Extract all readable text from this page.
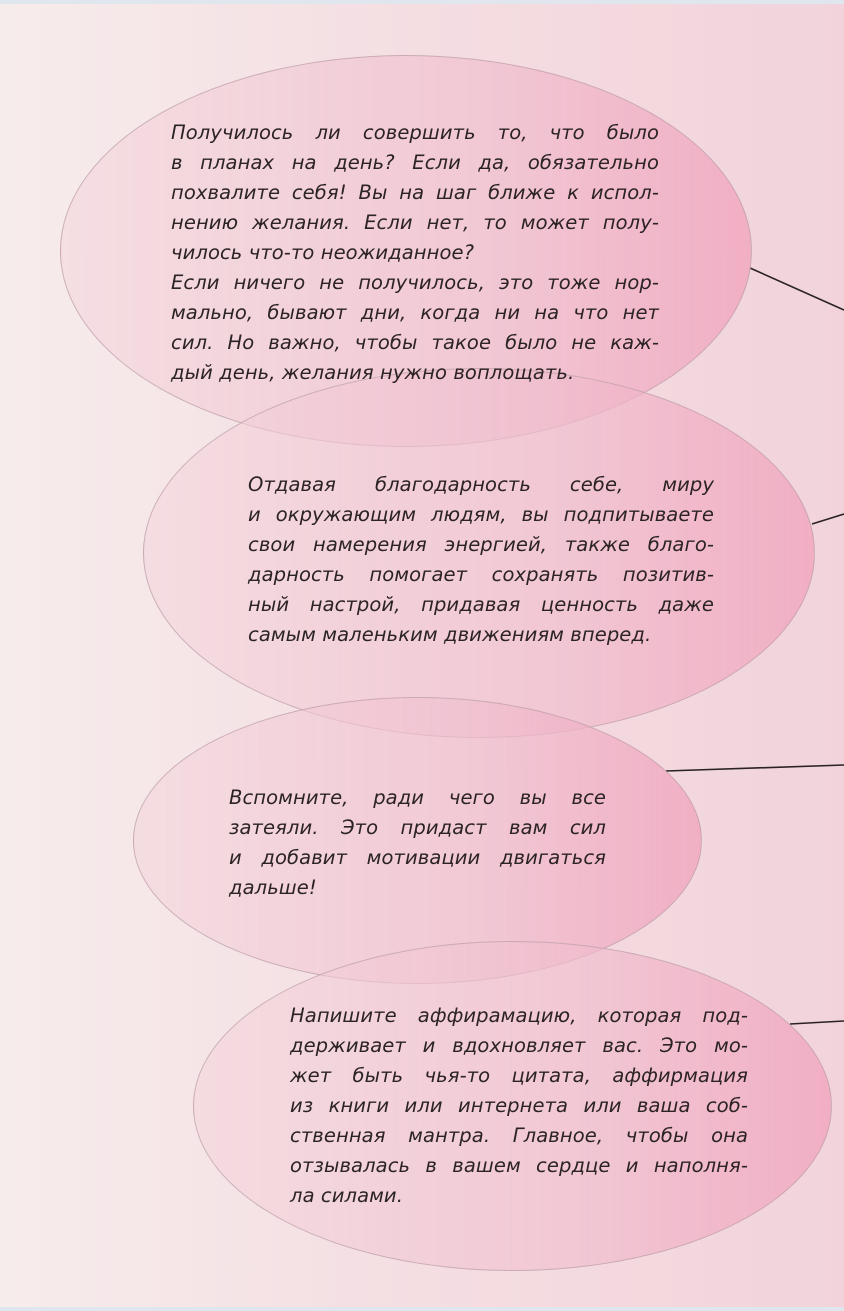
Получилось ли совершить то, что было
в планах на день? Если да, обязательно
похвалите себя! Вы на шаг ближе к испол-
нению желания. Если нет, то может полу-
чилось что-то неожиданное?
Если ничего не получилось, это тоже нор-
мально, бывают дни, когда ни на что нет
сил. Но важно, чтобы такое было не каж-
дый день, желания нужно воплощать.
Отдавая благодарность себе, миру
и окружающим людям, вы подпитываете
свои намерения энергией, также благо-
дарность помогает сохранять позитив-
ный настрой, придавая ценность даже
самым маленьким движениям вперед.
Вспомните, ради чего вы все
затеяли. Это придаст вам сил
и добавит мотивации двигаться
дальше!
Напишите аффирамацию, которая под-
держивает и вдохновляет вас. Это мо-
жет быть чья-то цитата, аффирмация
из книги или интернета или ваша соб-
ственная мантра. Главное, чтобы она
отзывалась в вашем сердце и наполня-
ла силами.
